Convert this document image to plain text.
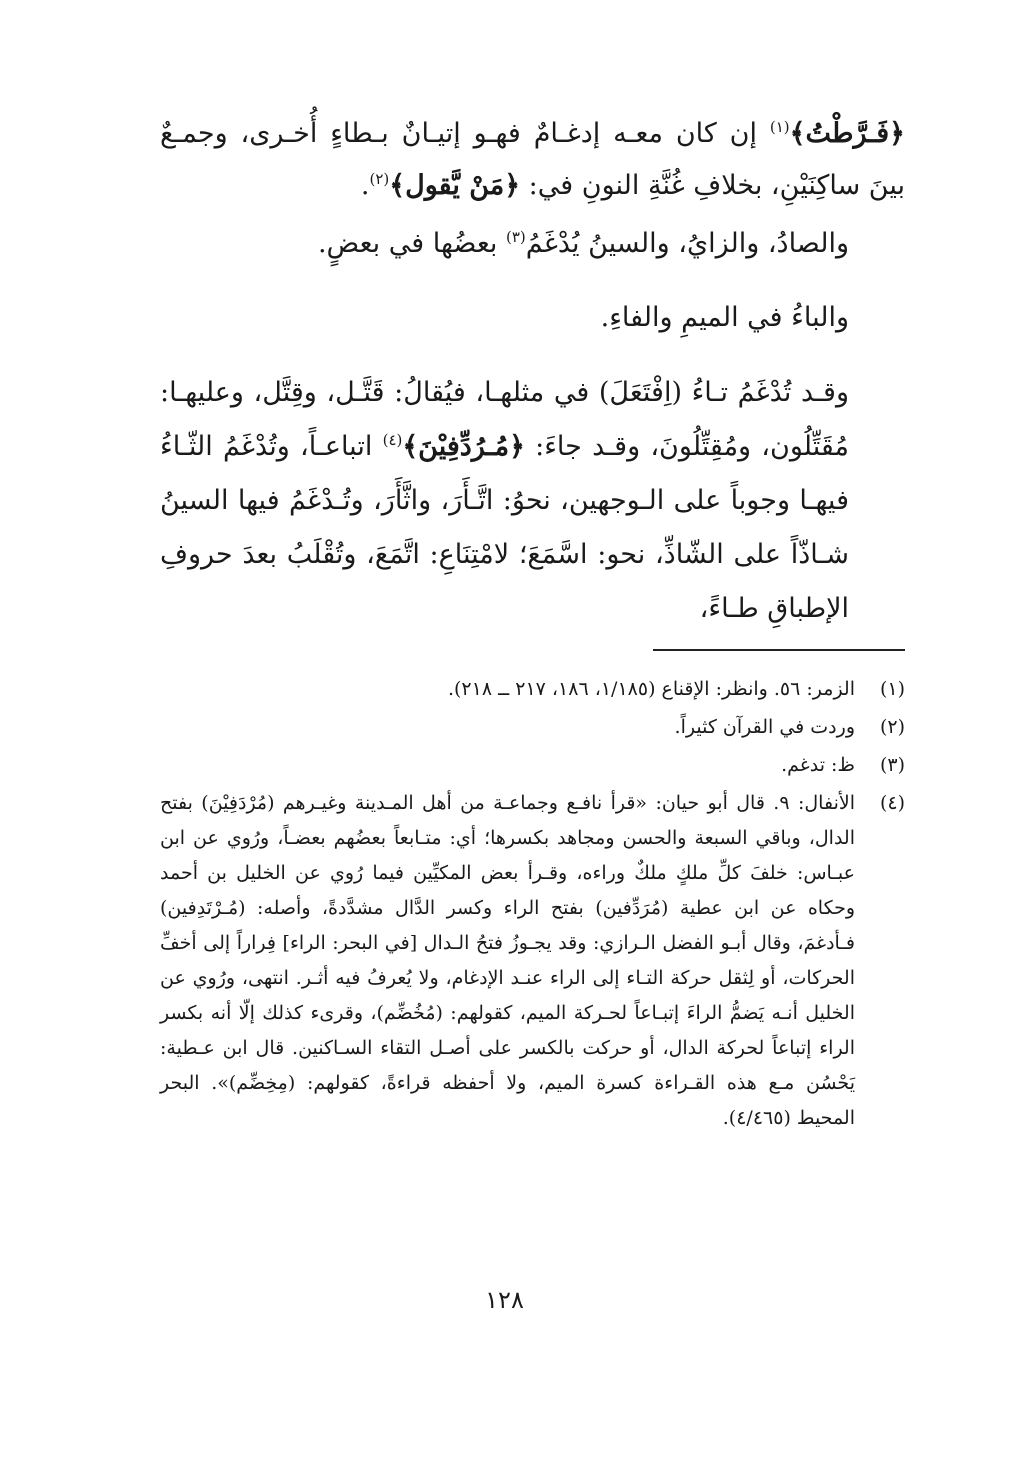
﴿فَـرَّطْتُ﴾$^{(١)}$ إن كان معـه إدغـامٌ فهـو إتيـانٌ بـطاءٍ أُخـرى، وجمـعٌ بينَ ساكِنَيْنِ، بخلافِ غُنَّةِ النونِ في: ﴿مَنْ يَّقول﴾$^{(٢)}$.

والصادُ، والزايُ، والسينُ يُدْغَمُ$^{(٣)}$ بعضُها في بعضٍ.

والباءُ في الميمِ والفاءِ.

وقـد تُدْغَمُ تـاءُ (اِفْتَعَلَ) في مثلهـا، فيُقالُ: قَتَّـل، وقِتَّل، وعليهـا: مُقَتِّلُون، ومُقِتِّلُونَ، وقـد جاءَ: ﴿مُـرُدِّفِيْنَ﴾$^{(٤)}$ اتباعـاً، وتُدْغَمُ الثّـاءُ فيهـا وجوباً على الـوجهين، نحوُ: اتَّـأَرَ، واثَّأَرَ، وتُـدْغَمُ فيها السينُ شـاذّاً على الشّاذِّ، نحو: اسَّمَعَ؛ لامْتِنَاعِ: اتَّمَعَ، وتُقْلَبُ بعدَ حروفِ الإطباقِ طـاءً،

(١)
الزمر: ٥٦. وانظر: الإقناع (١/١٨٥، ١٨٦، ٢١٧ ــ ٢١٨).
(٢)
وردت في القرآن كثيراً.
(٣)
ظ: تدغم.
(٤)
الأنفال: ٩. قال أبو حيان: «قرأ نافـع وجماعـة من أهل المـدينة وغيـرهم (مُرْدَفِيْنَ) بفتح الدال، وباقي السبعة والحسن ومجاهد بكسرها؛ أي: متـابعاً بعضُهم بعضـاً، ورُوي عن ابن عبـاس: خلفَ كلِّ ملكٍ ملكٌ وراءه، وقـرأ بعض المكيِّين فيما رُوي عن الخليل بن أحمد وحكاه عن ابن عطية (مُرَدِّفين) بفتح الراء وكسر الدَّال مشدَّدةً، وأصله: (مُـرْتَدِفين) فـأدغمَ، وقال أبـو الفضل الـرازي: وقد يجـوزُ فتحُ الـدال [في البحر: الراء] فِراراً إلى أخفِّ الحركات، أو لِثقل حركة التـاء إلى الراء عنـد الإدغام، ولا يُعرفُ فيه أثـر. انتهى، ورُوي عن الخليل أنـه يَضمُّ الراءَ إتبـاعاً لحـركة الميم، كقولهم: (مُخُضِّم)، وقرىء كذلك إلّا أنه بكسر الراء إتباعاً لحركة الدال، أو حركت بالكسر على أصـل التقاء السـاكنين. قال ابن عـطية: يَحْسُن مـع هذه القـراءة كسرة الميم، ولا أحفظه قراءةً، كقولهم: (مِخِضِّم)». البحر المحيط (٤/٤٦٥).
١٢٨
